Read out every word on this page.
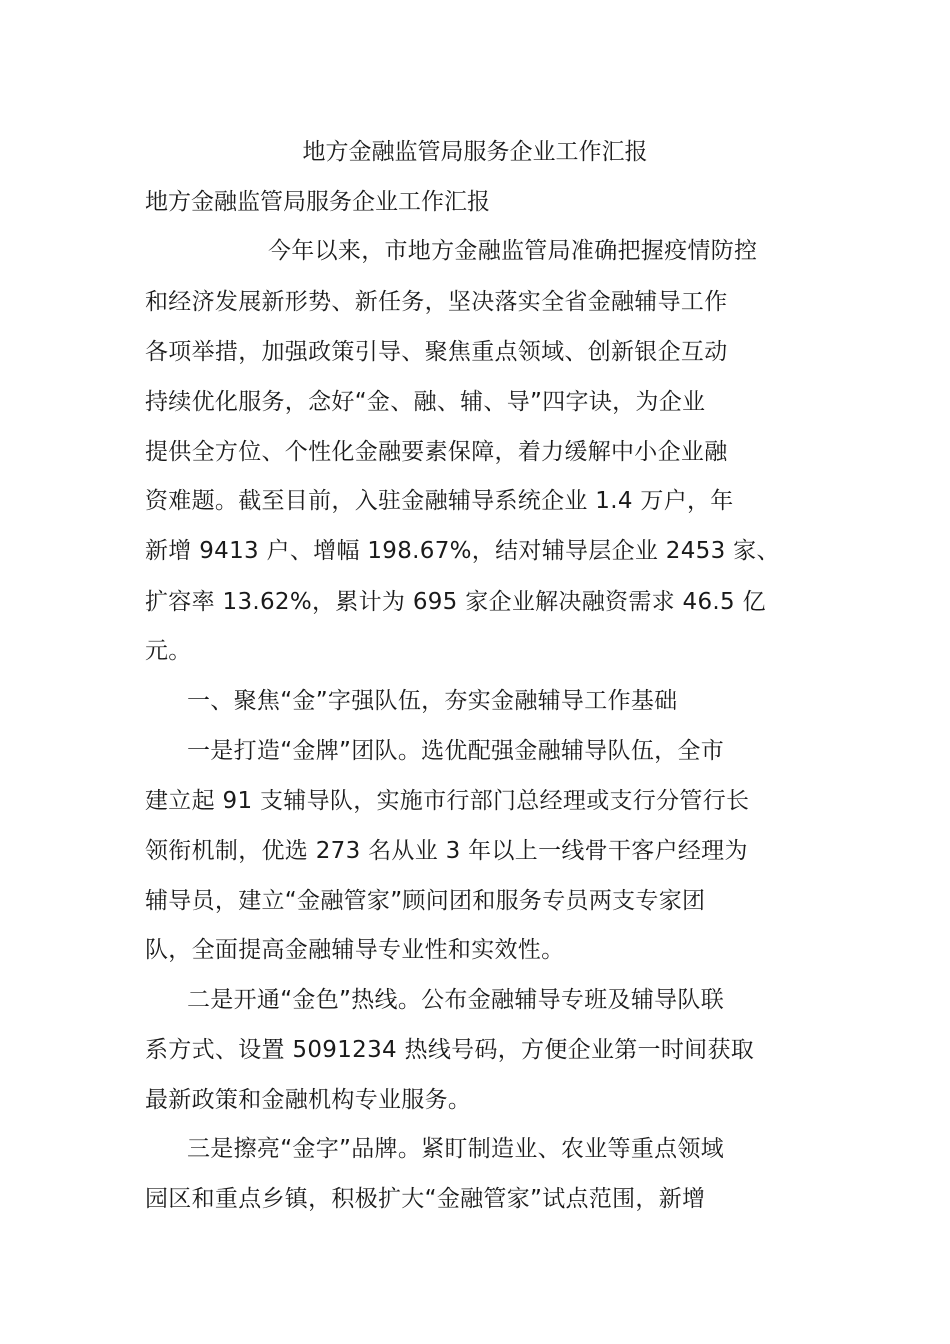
地方金融监管局服务企业工作汇报
地方金融监管局服务企业工作汇报
今年以来，市地方金融监管局准确把握疫情防控
和经济发展新形势、新任务，坚决落实全省金融辅导工作
各项举措，加强政策引导、聚焦重点领域、创新银企互动
持续优化服务，念好“金、融、辅、导”四字诀，为企业
提供全方位、个性化金融要素保障，着力缓解中小企业融
资难题。截至目前，入驻金融辅导系统企业 1.4 万户，年
新增 9413 户、增幅 198.67%，结对辅导层企业 2453 家、
扩容率 13.62%，累计为 695 家企业解决融资需求 46.5 亿
元。
一、聚焦“金”字强队伍，夯实金融辅导工作基础
一是打造“金牌”团队。选优配强金融辅导队伍，全市
建立起 91 支辅导队，实施市行部门总经理或支行分管行长
领衔机制，优选 273 名从业 3 年以上一线骨干客户经理为
辅导员，建立“金融管家”顾问团和服务专员两支专家团
队，全面提高金融辅导专业性和实效性。
二是开通“金色”热线。公布金融辅导专班及辅导队联
系方式、设置 5091234 热线号码，方便企业第一时间获取
最新政策和金融机构专业服务。
三是擦亮“金字”品牌。紧盯制造业、农业等重点领域
园区和重点乡镇，积极扩大“金融管家”试点范围，新增
